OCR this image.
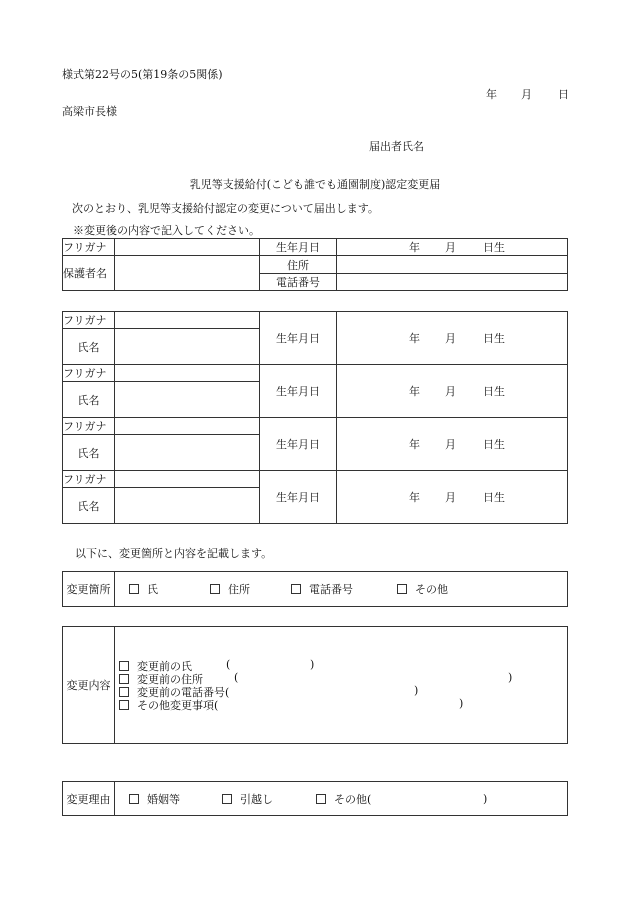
様式第22号の5(第19条の5関係)
年 月 日
高梁市長様
届出者氏名
乳児等支援給付(こども誰でも通園制度)認定変更届
次のとおり、乳児等支援給付認定の変更について届出します。
※変更後の内容で記入してください。
フリガナ		生年月日	年 月 日生

保護者名		住所	
		電話番号	
フリガナ		生年月日	年 月 日生

氏名			
フリガナ		生年月日	年 月 日生

氏名			
フリガナ		生年月日	年 月 日生

氏名			
フリガナ		生年月日	年 月 日生

氏名			
以下に、変更箇所と内容を記載します。
変更箇所	氏	住所	電話番号	その他
変更内容	
変更前の氏	(	)
変更前の住所	(	)
変更前の電話番号(	)
その他変更事項(	)
変更理由	婚姻等	引越し	その他(	)
